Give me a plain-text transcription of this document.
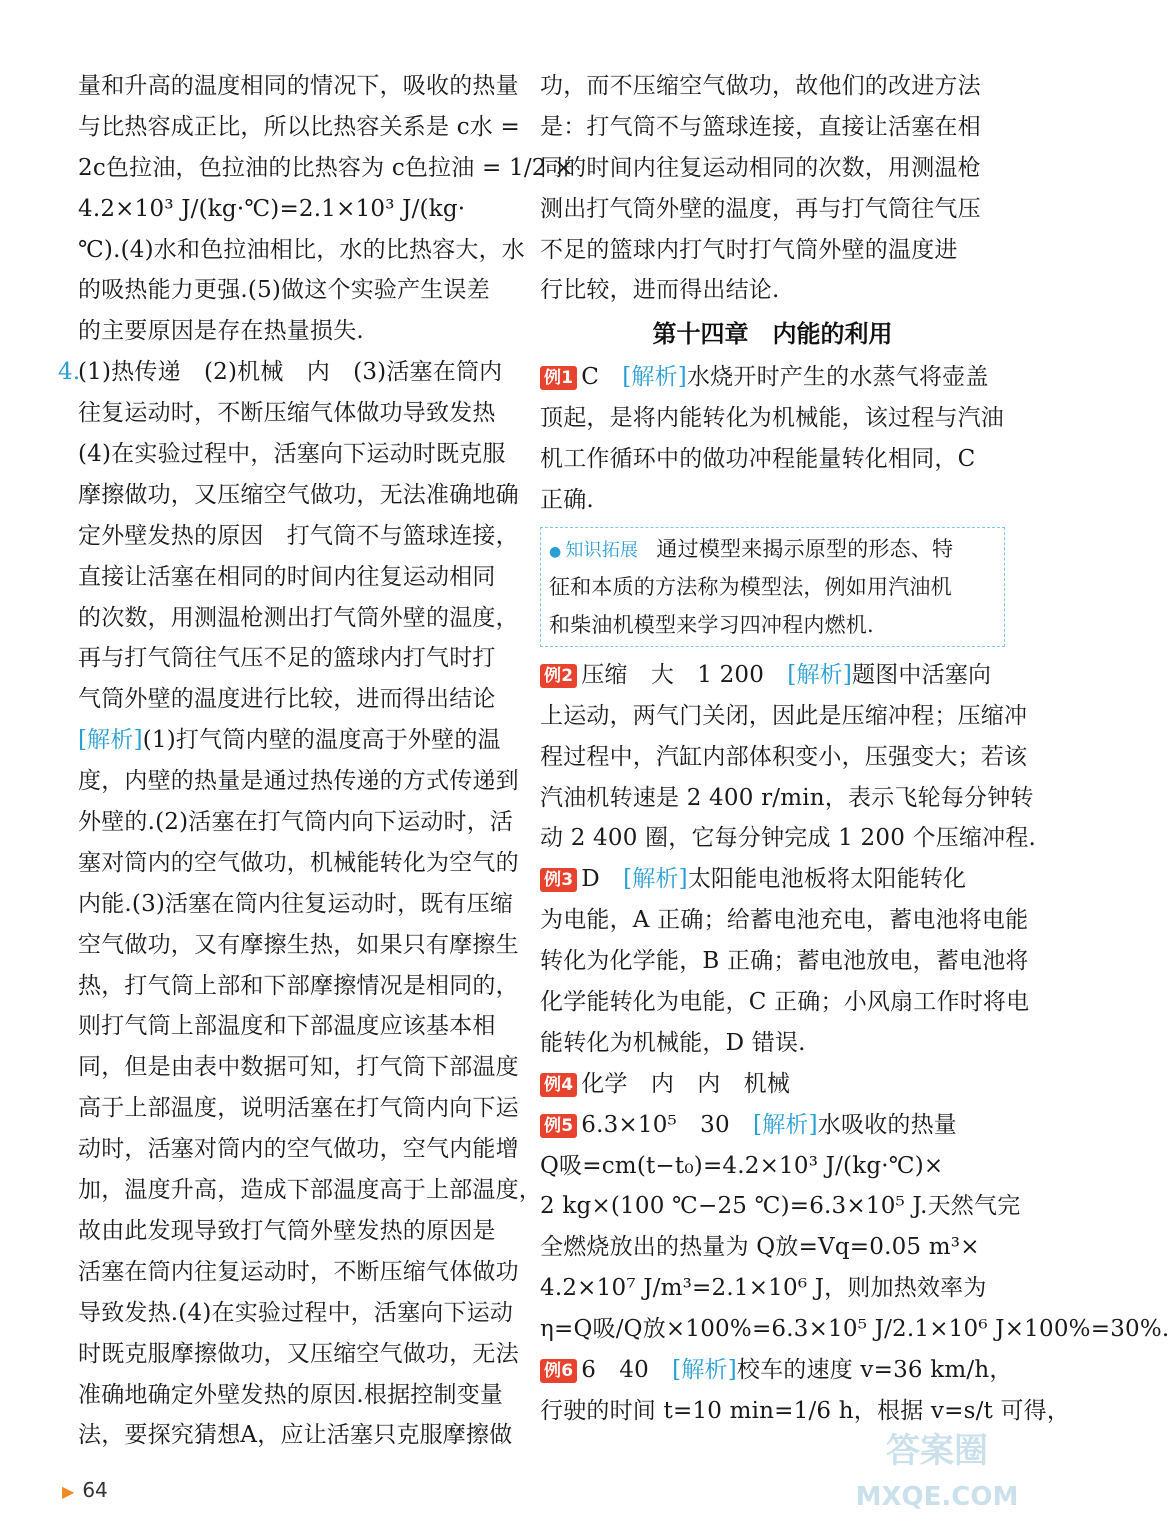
量和升高的温度相同的情况下，吸收的热量
与比热容成正比，所以比热容关系是 c水 =
2c色拉油，色拉油的比热容为 c色拉油 = 1/2 ×
4.2×10³ J/(kg·℃)=2.1×10³ J/(kg·
℃).(4)水和色拉油相比，水的比热容大，水
的吸热能力更强.(5)做这个实验产生误差
的主要原因是存在热量损失.
4.
(1)热传递　(2)机械　内　(3)活塞在筒内
往复运动时，不断压缩气体做功导致发热
(4)在实验过程中，活塞向下运动时既克服
摩擦做功，又压缩空气做功，无法准确地确
定外壁发热的原因　打气筒不与篮球连接，
直接让活塞在相同的时间内往复运动相同
的次数，用测温枪测出打气筒外壁的温度，
再与打气筒往气压不足的篮球内打气时打
气筒外壁的温度进行比较，进而得出结论
[解析](1)打气筒内壁的温度高于外壁的温
度，内壁的热量是通过热传递的方式传递到
外壁的.(2)活塞在打气筒内向下运动时，活
塞对筒内的空气做功，机械能转化为空气的
内能.(3)活塞在筒内往复运动时，既有压缩
空气做功，又有摩擦生热，如果只有摩擦生
热，打气筒上部和下部摩擦情况是相同的，
则打气筒上部温度和下部温度应该基本相
同，但是由表中数据可知，打气筒下部温度
高于上部温度，说明活塞在打气筒内向下运
动时，活塞对筒内的空气做功，空气内能增
加，温度升高，造成下部温度高于上部温度，
故由此发现导致打气筒外壁发热的原因是
活塞在筒内往复运动时，不断压缩气体做功
导致发热.(4)在实验过程中，活塞向下运动
时既克服摩擦做功，又压缩空气做功，无法
准确地确定外壁发热的原因.根据控制变量
法，要探究猜想A，应让活塞只克服摩擦做
功，而不压缩空气做功，故他们的改进方法
是：打气筒不与篮球连接，直接让活塞在相
同的时间内往复运动相同的次数，用测温枪
测出打气筒外壁的温度，再与打气筒往气压
不足的篮球内打气时打气筒外壁的温度进
行比较，进而得出结论.
第十四章　内能的利用
例1 C　[解析]水烧开时产生的水蒸气将壶盖
顶起，是将内能转化为机械能，该过程与汽油
机工作循环中的做功冲程能量转化相同，C
正确.
● 知识拓展　通过模型来揭示原型的形态、特
征和本质的方法称为模型法，例如用汽油机
和柴油机模型来学习四冲程内燃机.
例2 压缩　大　1 200　[解析]题图中活塞向
上运动，两气门关闭，因此是压缩冲程；压缩冲
程过程中，汽缸内部体积变小，压强变大；若该
汽油机转速是 2 400 r/min，表示飞轮每分钟转
动 2 400 圈，它每分钟完成 1 200 个压缩冲程.
例3 D　[解析]太阳能电池板将太阳能转化
为电能，A 正确；给蓄电池充电，蓄电池将电能
转化为化学能，B 正确；蓄电池放电，蓄电池将
化学能转化为电能，C 正确；小风扇工作时将电
能转化为机械能，D 错误.
例4 化学　内　内　机械
例5 6.3×10⁵　30　[解析]水吸收的热量
Q吸=cm(t−t₀)=4.2×10³ J/(kg·℃)×
2 kg×(100 ℃−25 ℃)=6.3×10⁵ J.天然气完
全燃烧放出的热量为 Q放=Vq=0.05 m³×
4.2×10⁷ J/m³=2.1×10⁶ J，则加热效率为
η=Q吸/Q放×100%=6.3×10⁵ J/2.1×10⁶ J×100%=30%.
例6 6　40　[解析]校车的速度 v=36 km/h，
行驶的时间 t=10 min=1/6 h，根据 v=s/t 可得，
▶ 64
答案圈
MXQE.COM
